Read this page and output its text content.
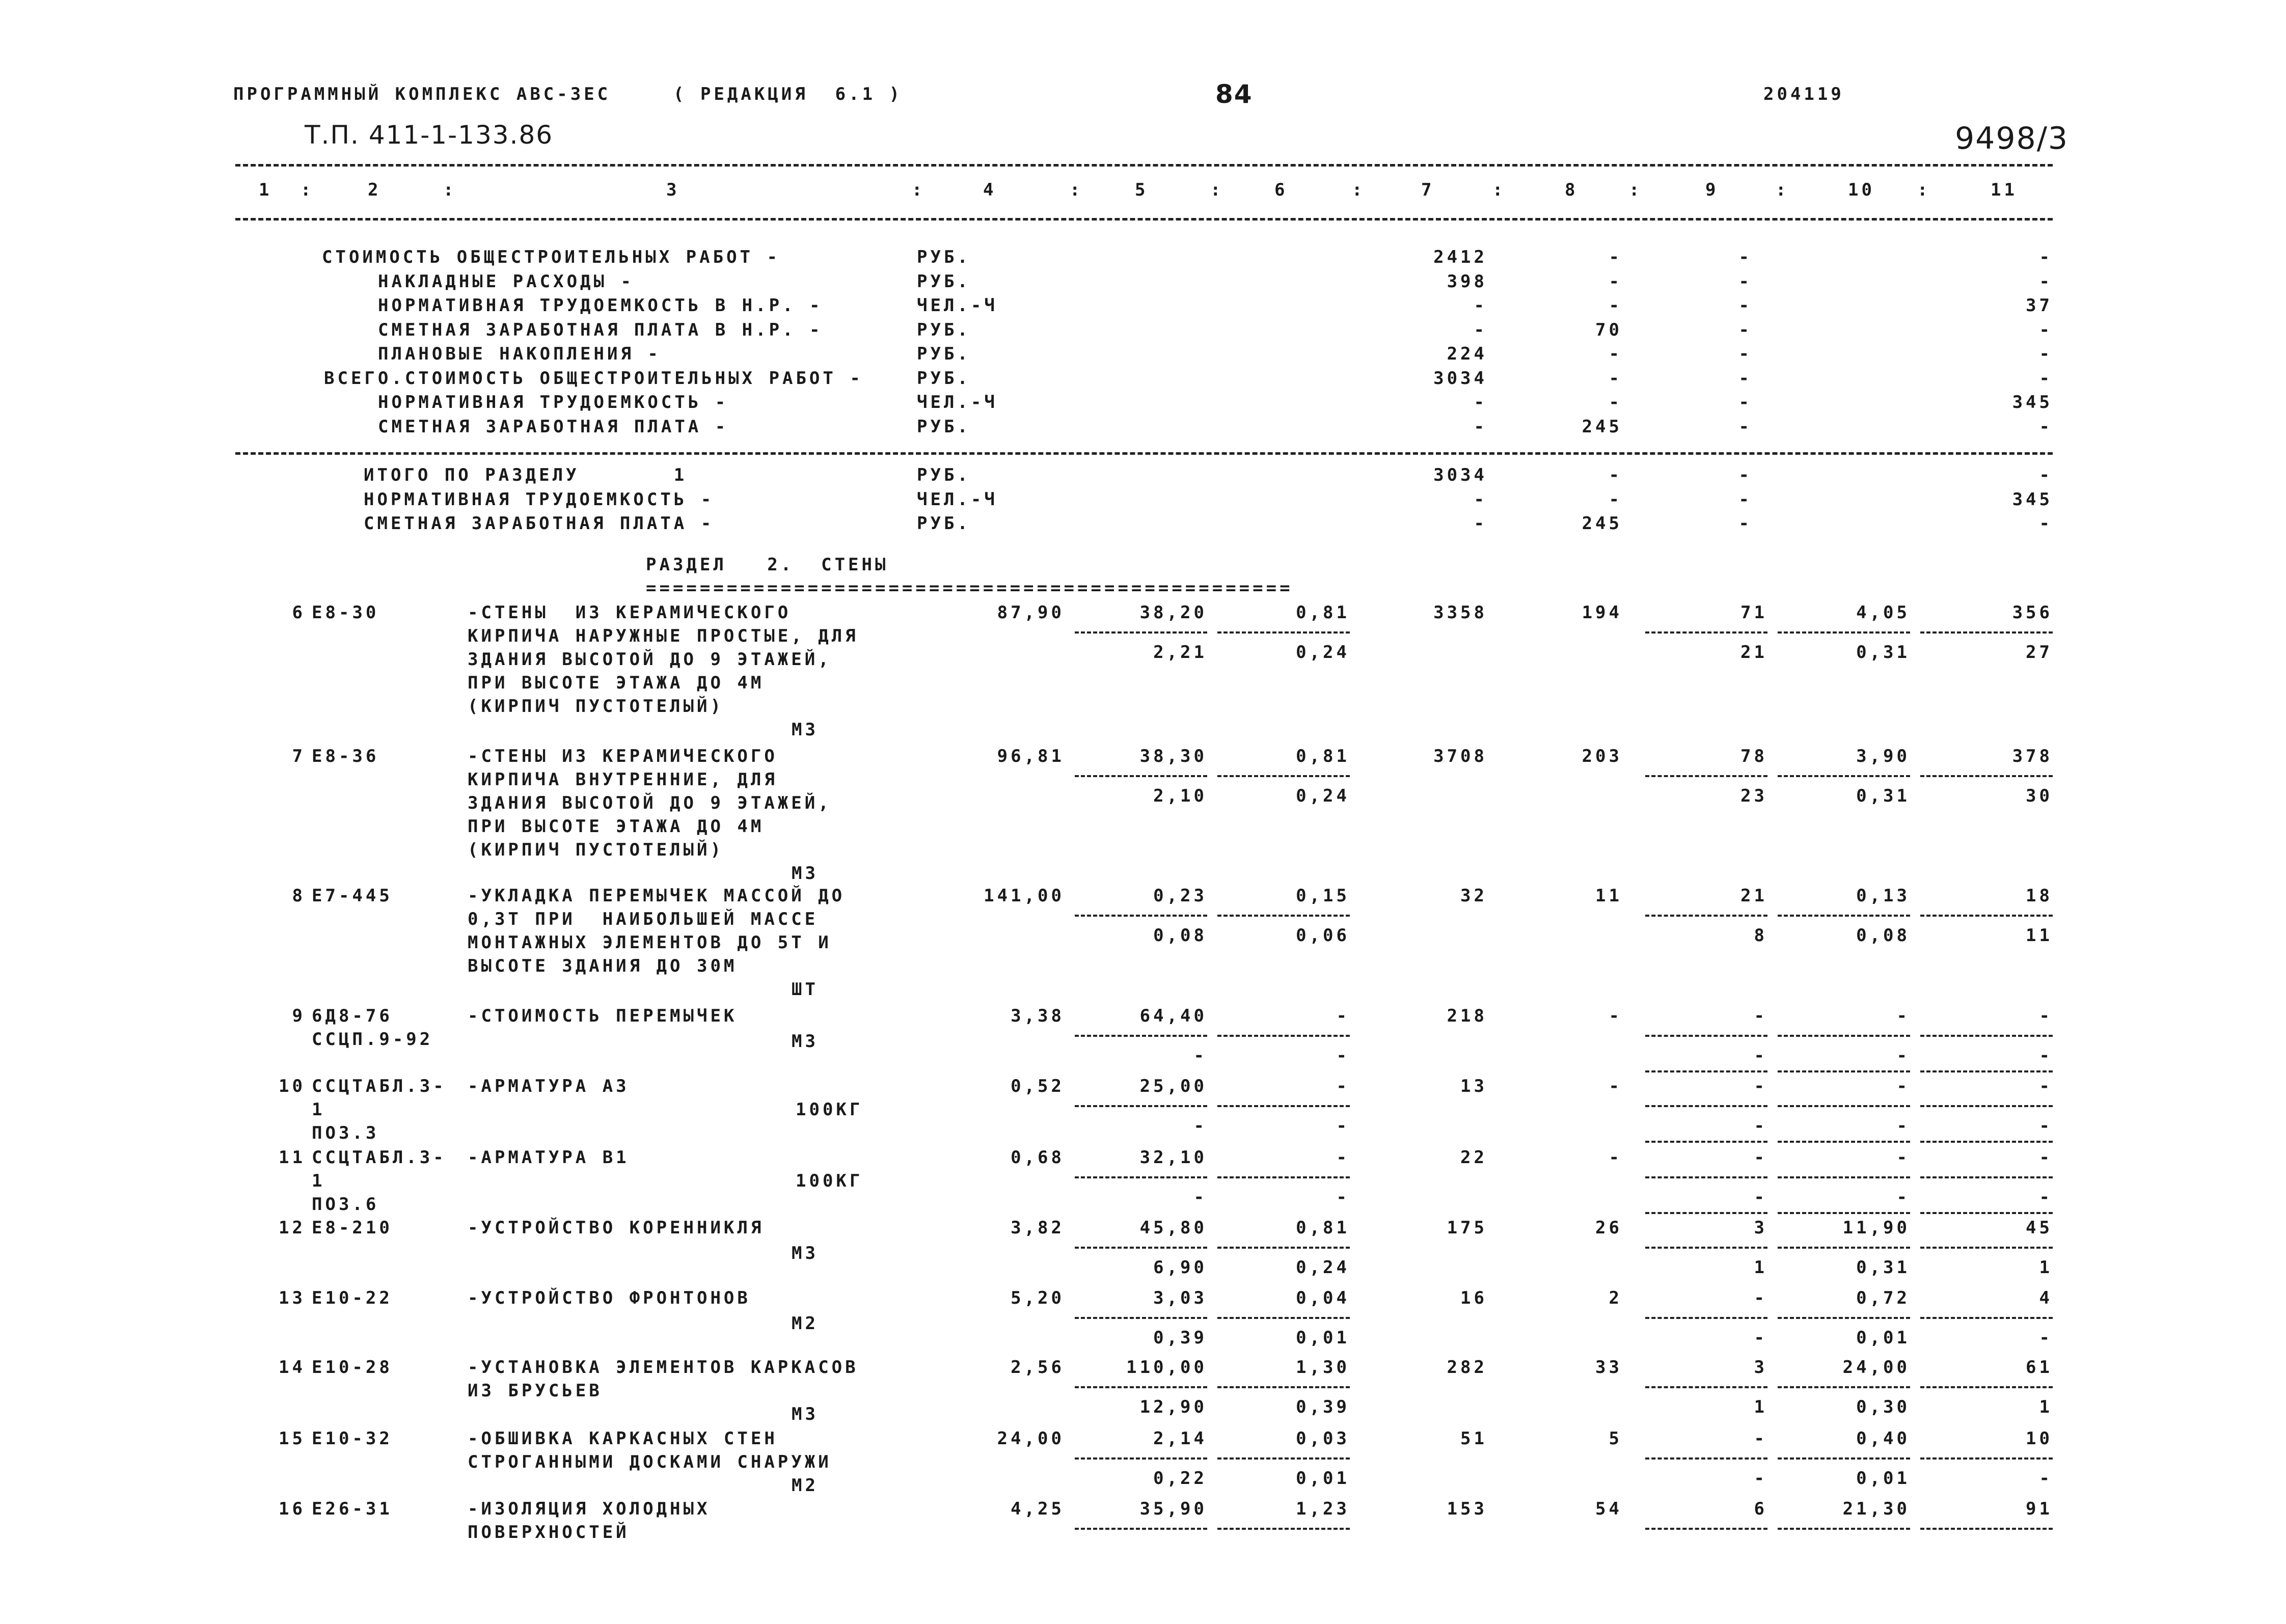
ПРОГРАММНЫЙ КОМПЛЕКС АВС-3ЕС	( РЕДАКЦИЯ  6.1 )	84	204119
Т.П. 411-1-133.86	9498/3
1	2	3	4	5	6	7	8	9	10	11
:	:	:	:	:	:	:	:	:	:
СТОИМОСТЬ ОБЩЕСТРОИТЕЛЬНЫХ РАБОТ -	РУБ.	2412	-	-	-
НАКЛАДНЫЕ РАСХОДЫ -	РУБ.	398	-	-	-
НОРМАТИВНАЯ ТРУДОЕМКОСТЬ В Н.Р. -	ЧЕЛ.-Ч	-	-	-	37
СМЕТНАЯ ЗАРАБОТНАЯ ПЛАТА В Н.Р. -	РУБ.	-	70	-	-
ПЛАНОВЫЕ НАКОПЛЕНИЯ -	РУБ.	224	-	-	-
ВСЕГО.СТОИМОСТЬ ОБЩЕСТРОИТЕЛЬНЫХ РАБОТ -	РУБ.	3034	-	-	-
НОРМАТИВНАЯ ТРУДОЕМКОСТЬ -	ЧЕЛ.-Ч	-	-	-	345
СМЕТНАЯ ЗАРАБОТНАЯ ПЛАТА -	РУБ.	-	245	-	-
ИТОГО ПО РАЗДЕЛУ       1	РУБ.	3034	-	-	-
НОРМАТИВНАЯ ТРУДОЕМКОСТЬ -	ЧЕЛ.-Ч	-	-	-	345
СМЕТНАЯ ЗАРАБОТНАЯ ПЛАТА -	РУБ.	-	245	-	-
РАЗДЕЛ   2.  СТЕНЫ
================================================
6 Е8-30	-СТЕНЫ  ИЗ КЕРАМИЧЕСКОГО
КИРПИЧА НАРУЖНЫЕ ПРОСТЫЕ, ДЛЯ
ЗДАНИЯ ВЫСОТОЙ ДО 9 ЭТАЖЕЙ,
ПРИ ВЫСОТЕ ЭТАЖА ДО 4М
(КИРПИЧ ПУСТОТЕЛЫЙ)
М3
87,90	38,20	0,81	3358	194	71	4,05	356
2,21	0,24	21	0,31	27
7 Е8-36	-СТЕНЫ ИЗ КЕРАМИЧЕСКОГО
КИРПИЧА ВНУТРЕННИЕ, ДЛЯ
ЗДАНИЯ ВЫСОТОЙ ДО 9 ЭТАЖЕЙ,
ПРИ ВЫСОТЕ ЭТАЖА ДО 4М
(КИРПИЧ ПУСТОТЕЛЫЙ)
М3
96,81	38,30	0,81	3708	203	78	3,90	378
2,10	0,24	23	0,31	30
8 Е7-445	-УКЛАДКА ПЕРЕМЫЧЕК МАССОЙ ДО
0,3Т ПРИ  НАИБОЛЬШЕЙ МАССЕ
МОНТАЖНЫХ ЭЛЕМЕНТОВ ДО 5Т И
ВЫСОТЕ ЗДАНИЯ ДО 30М
ШТ
141,00	0,23	0,15	32	11	21	0,13	18
0,08	0,06	8	0,08	11
9 6Д8-76
ССЦП.9-92
-СТОИМОСТЬ ПЕРЕМЫЧЕК
М3
3,38	64,40	-	218	-	-	-	-
-	-	-	-	-
10 ССЦТАБЛ.3-
1
ПОЗ.3
-АРМАТУРА А3
100КГ
0,52	25,00	-	13	-	-	-	-
-	-	-	-	-
11 ССЦТАБЛ.3-
1
ПОЗ.6
-АРМАТУРА В1
100КГ
0,68	32,10	-	22	-	-	-	-
-	-	-	-	-
12 Е8-210	-УСТРОЙСТВО КОРЕННИКЛЯ
М3
3,82	45,80	0,81	175	26	3	11,90	45
6,90	0,24	1	0,31	1
13 Е10-22	-УСТРОЙСТВО ФРОНТОНОВ
М2
5,20	3,03	0,04	16	2	-	0,72	4
0,39	0,01	-	0,01	-
14 Е10-28	-УСТАНОВКА ЭЛЕМЕНТОВ КАРКАСОВ
ИЗ БРУСЬЕВ
М3
2,56	110,00	1,30	282	33	3	24,00	61
12,90	0,39	1	0,30	1
15 Е10-32	-ОБШИВКА КАРКАСНЫХ СТЕН
СТРОГАННЫМИ ДОСКАМИ СНАРУЖИ
М2
24,00	2,14	0,03	51	5	-	0,40	10
0,22	0,01	-	0,01	-
16 Е26-31	-ИЗОЛЯЦИЯ ХОЛОДНЫХ
ПОВЕРХНОСТЕЙ
4,25	35,90	1,23	153	54	6	21,30	91
